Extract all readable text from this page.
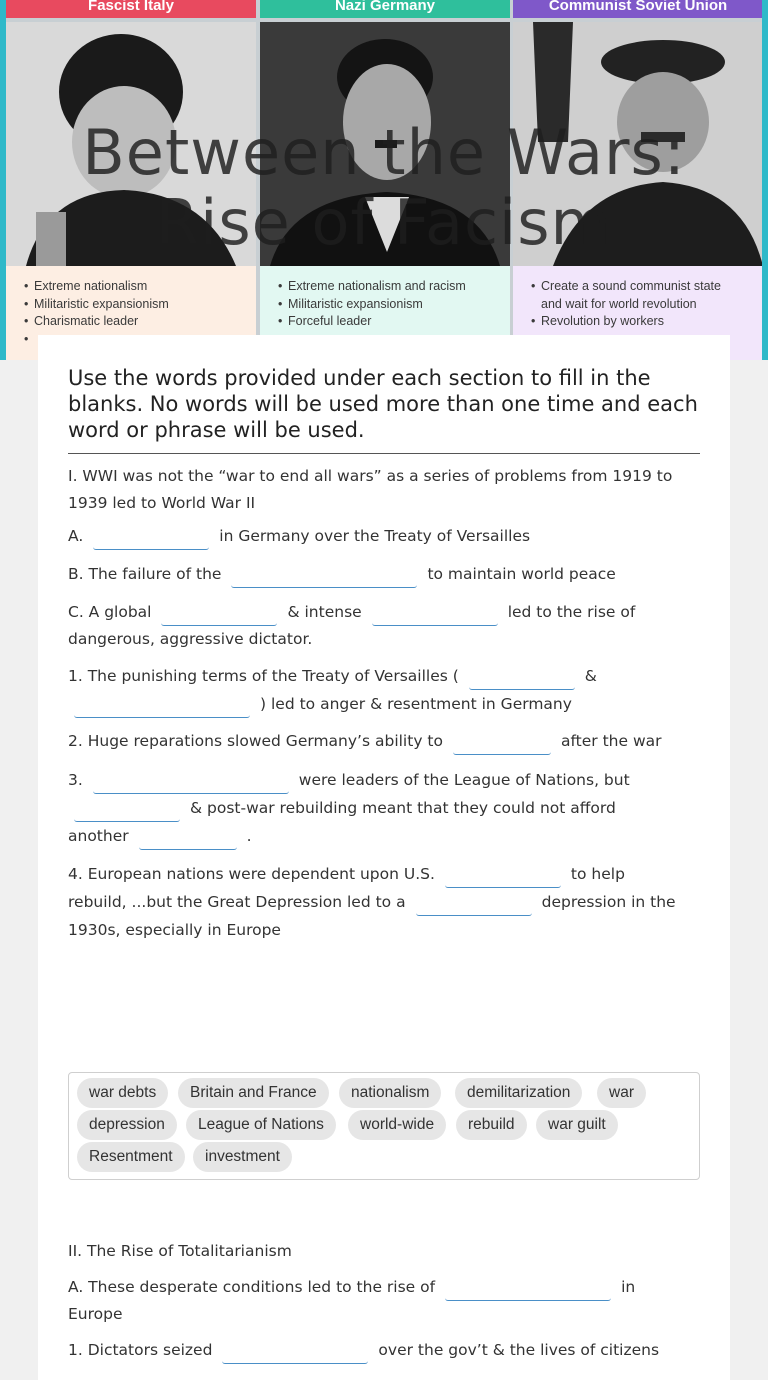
Fascist Italy
• Extreme nationalism
• Militaristic expansionism
• Charismatic leader
•
Nazi Germany
• Extreme nationalism and racism
• Militaristic expansionism
• Forceful leader
Communist Soviet Union
• Create a sound communist state
and wait for world revolution
• Revolution by workers
Between the Wars:
Rise of Facism
Use the words provided under each section to fill in the blanks. No words will be used more than one time and each word or phrase will be used.
I. WWI was not the “war to end all wars” as a series of problems from 1919 to 1939 led to World War II
A.	in Germany over the Treaty of Versailles
B. The failure of the	to maintain world peace
C. A global	& intense	led to the rise of
dangerous, aggressive dictator.
1. The punishing terms of the Treaty of Versailles (	&
) led to anger & resentment in Germany
2. Huge reparations slowed Germany’s ability to	after the war
3.	were leaders of the League of Nations, but
& post-war rebuilding meant that they could not afford
another	.
4. European nations were dependent upon U.S.	to help
rebuild, ...but the Great Depression led to a	depression in the
1930s, especially in Europe
war debts	Britain and France	nationalism	demilitarization	war
depression	League of Nations	world-wide	rebuild	war guilt
Resentment	investment
II. The Rise of Totalitarianism
A. These desperate conditions led to the rise of	in
Europe
1. Dictators seized	over the gov’t & the lives of citizens
